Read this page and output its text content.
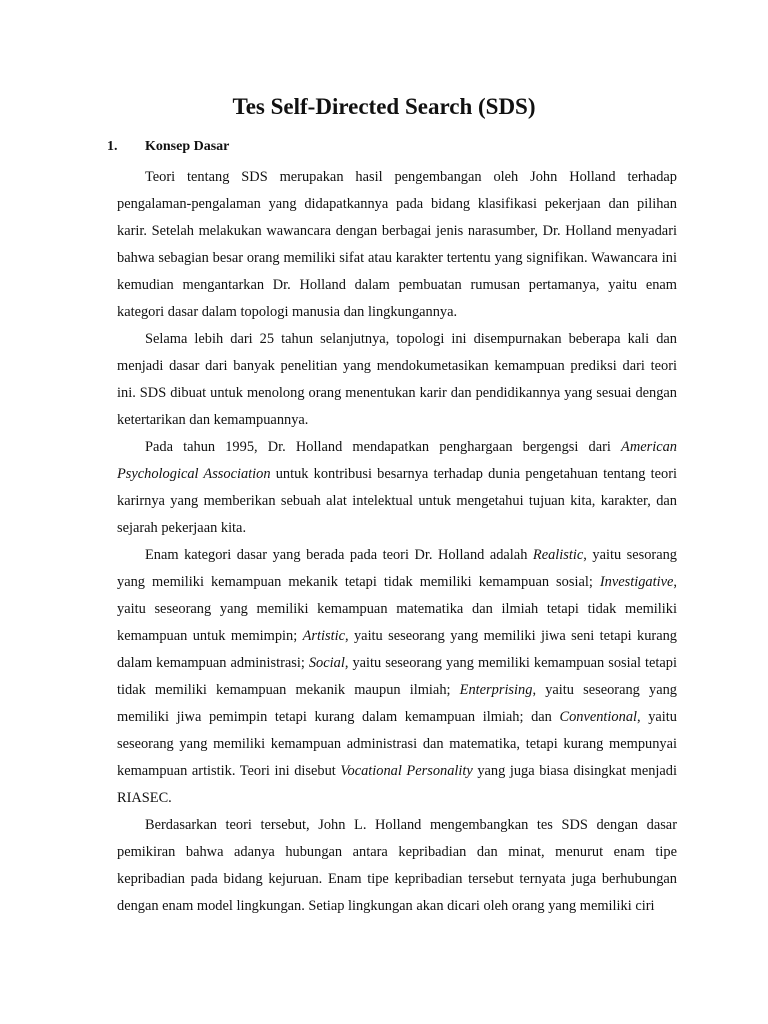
Tes Self-Directed Search (SDS)
1. Konsep Dasar

Teori tentang SDS merupakan hasil pengembangan oleh John Holland terhadap pengalaman-pengalaman yang didapatkannya pada bidang klasifikasi pekerjaan dan pilihan karir. Setelah melakukan wawancara dengan berbagai jenis narasumber, Dr. Holland menyadari bahwa sebagian besar orang memiliki sifat atau karakter tertentu yang signifikan. Wawancara ini kemudian mengantarkan Dr. Holland dalam pembuatan rumusan pertamanya, yaitu enam kategori dasar dalam topologi manusia dan lingkungannya.

Selama lebih dari 25 tahun selanjutnya, topologi ini disempurnakan beberapa kali dan menjadi dasar dari banyak penelitian yang mendokumetasikan kemampuan prediksi dari teori ini. SDS dibuat untuk menolong orang menentukan karir dan pendidikannya yang sesuai dengan ketertarikan dan kemampuannya.

Pada tahun 1995, Dr. Holland mendapatkan penghargaan bergengsi dari American Psychological Association untuk kontribusi besarnya terhadap dunia pengetahuan tentang teori karirnya yang memberikan sebuah alat intelektual untuk mengetahui tujuan kita, karakter, dan sejarah pekerjaan kita.

Enam kategori dasar yang berada pada teori Dr. Holland adalah Realistic, yaitu sesorang yang memiliki kemampuan mekanik tetapi tidak memiliki kemampuan sosial; Investigative, yaitu seseorang yang memiliki kemampuan matematika dan ilmiah tetapi tidak memiliki kemampuan untuk memimpin; Artistic, yaitu seseorang yang memiliki jiwa seni tetapi kurang dalam kemampuan administrasi; Social, yaitu seseorang yang memiliki kemampuan sosial tetapi tidak memiliki kemampuan mekanik maupun ilmiah; Enterprising, yaitu seseorang yang memiliki jiwa pemimpin tetapi kurang dalam kemampuan ilmiah; dan Conventional, yaitu seseorang yang memiliki kemampuan administrasi dan matematika, tetapi kurang mempunyai kemampuan artistik. Teori ini disebut Vocational Personality yang juga biasa disingkat menjadi RIASEC.

Berdasarkan teori tersebut, John L. Holland mengembangkan tes SDS dengan dasar pemikiran bahwa adanya hubungan antara kepribadian dan minat, menurut enam tipe kepribadian pada bidang kejuruan. Enam tipe kepribadian tersebut ternyata juga berhubungan dengan enam model lingkungan. Setiap lingkungan akan dicari oleh orang yang memiliki ciri
